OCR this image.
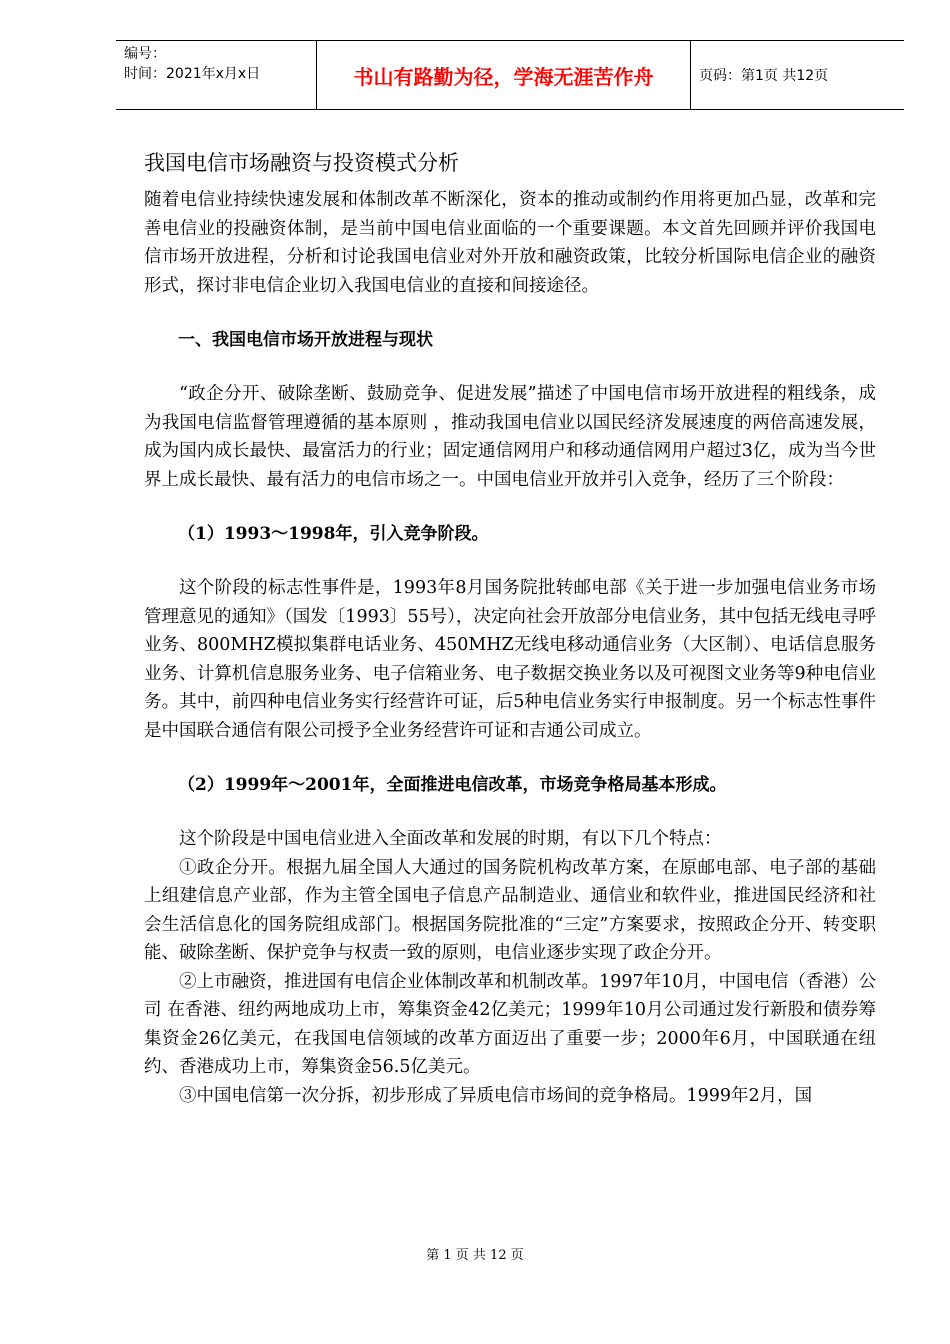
编号：
时间：2021年x月x日	书山有路勤为径，学海无涯苦作舟	页码：第1页 共12页
我国电信市场融资与投资模式分析

随着电信业持续快速发展和体制改革不断深化，资本的推动或制约作用将更加凸显，改革和完善电信业的投融资体制，是当前中国电信业面临的一个重要课题。本文首先回顾并评价我国电信市场开放进程，分析和讨论我国电信业对外开放和融资政策，比较分析国际电信企业的融资形式，探讨非电信企业切入我国电信业的直接和间接途径。

一、我国电信市场开放进程与现状

“政企分开、破除垄断、鼓励竞争、促进发展”描述了中国电信市场开放进程的粗线条，成为我国电信监督管理遵循的基本原则 ，推动我国电信业以国民经济发展速度的两倍高速发展，成为国内成长最快、最富活力的行业；固定通信网用户和移动通信网用户超过3亿，成为当今世界上成长最快、最有活力的电信市场之一。中国电信业开放并引入竞争，经历了三个阶段：

（1）1993～1998年，引入竞争阶段。

这个阶段的标志性事件是，1993年8月国务院批转邮电部《关于进一步加强电信业务市场管理意见的通知》（国发〔1993〕55号），决定向社会开放部分电信业务，其中包括无线电寻呼业务、800MHZ模拟集群电话业务、450MHZ无线电移动通信业务（大区制）、电话信息服务业务、计算机信息服务业务、电子信箱业务、电子数据交换业务以及可视图文业务等9种电信业务。其中，前四种电信业务实行经营许可证，后5种电信业务实行申报制度。另一个标志性事件是中国联合通信有限公司授予全业务经营许可证和吉通公司成立。

（2）1999年～2001年，全面推进电信改革，市场竞争格局基本形成。

这个阶段是中国电信业进入全面改革和发展的时期，有以下几个特点：

①政企分开。根据九届全国人大通过的国务院机构改革方案，在原邮电部、电子部的基础上组建信息产业部，作为主管全国电子信息产品制造业、通信业和软件业，推进国民经济和社会生活信息化的国务院组成部门。根据国务院批准的“三定”方案要求，按照政企分开、转变职能、破除垄断、保护竞争与权责一致的原则，电信业逐步实现了政企分开。

②上市融资，推进国有电信企业体制改革和机制改革。1997年10月，中国电信（香港）公司 在香港、纽约两地成功上市，筹集资金42亿美元；1999年10月公司通过发行新股和债券筹集资金26亿美元，在我国电信领域的改革方面迈出了重要一步；2000年6月，中国联通在纽约、香港成功上市，筹集资金56.5亿美元。

③中国电信第一次分拆，初步形成了异质电信市场间的竞争格局。1999年2月，国

第 1 页 共 12 页
